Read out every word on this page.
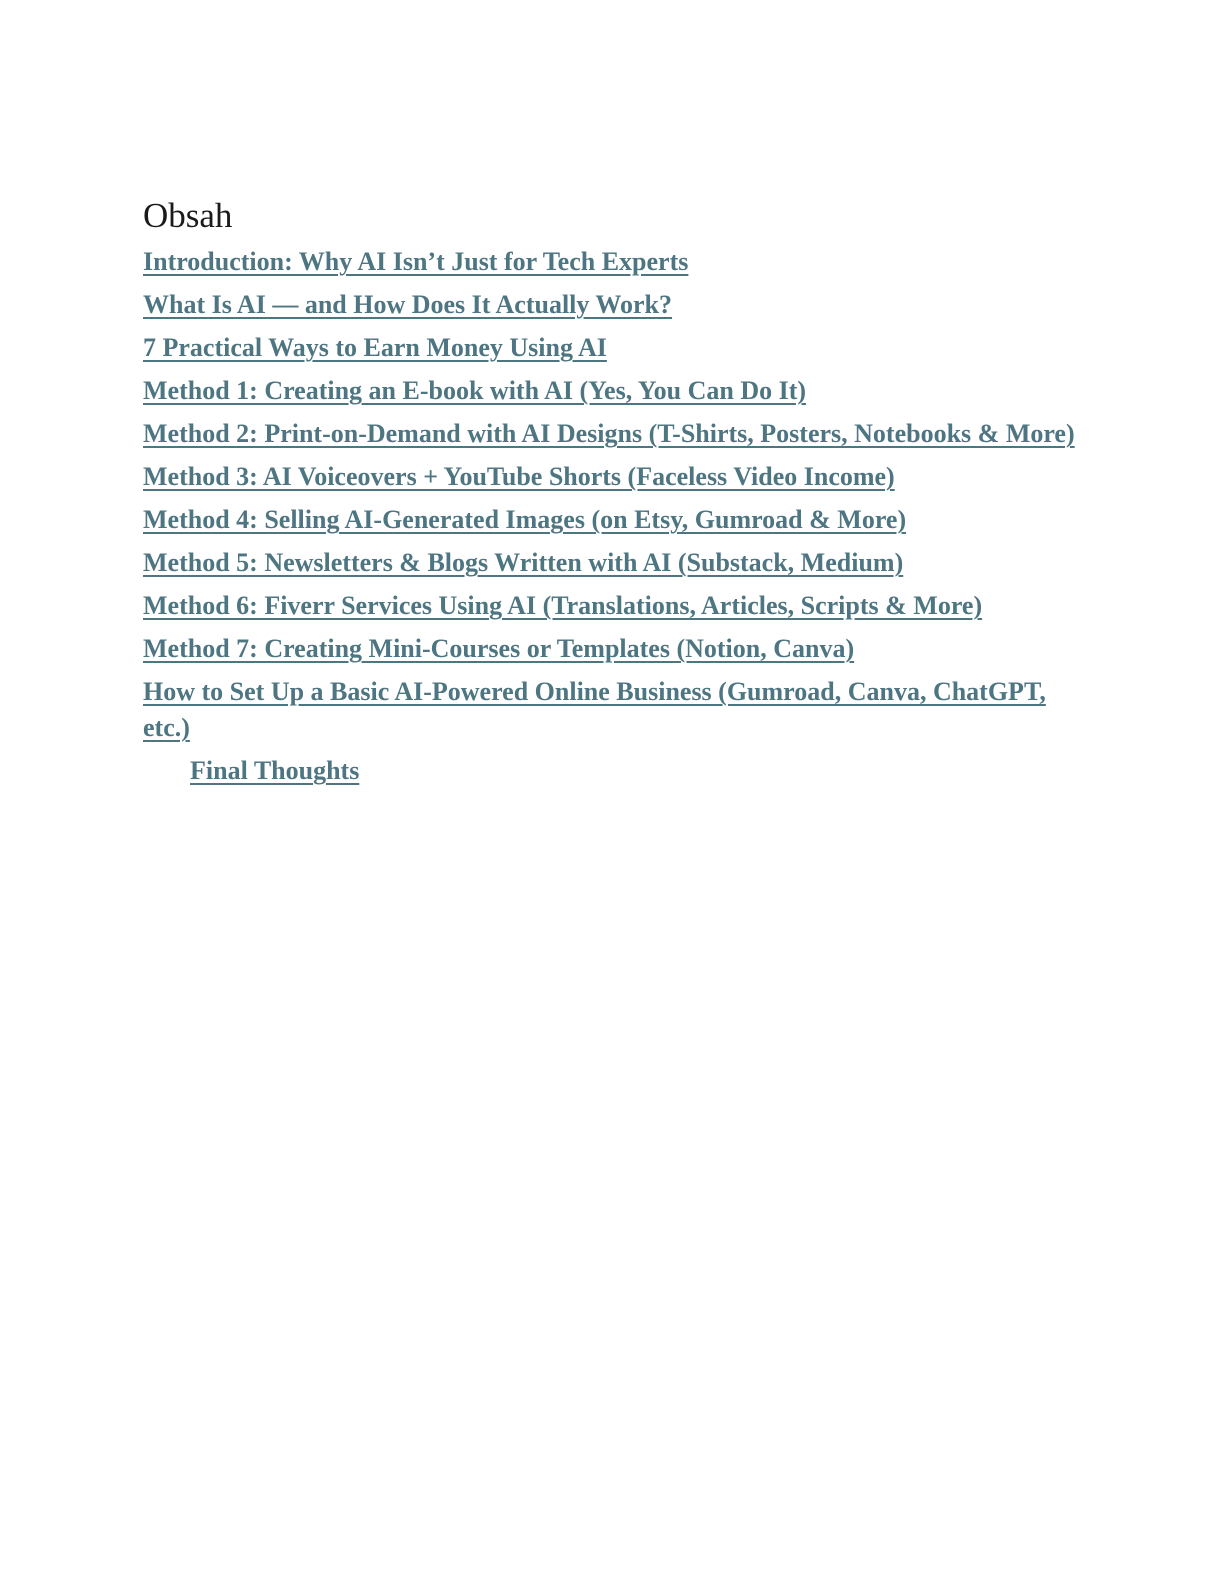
Obsah

Introduction: Why AI Isn’t Just for Tech Experts

What Is AI — and How Does It Actually Work?

7 Practical Ways to Earn Money Using AI

Method 1: Creating an E-book with AI (Yes, You Can Do It)

Method 2: Print-on-Demand with AI Designs (T-Shirts, Posters, Notebooks & More)

Method 3: AI Voiceovers + YouTube Shorts (Faceless Video Income)

Method 4: Selling AI-Generated Images (on Etsy, Gumroad & More)

Method 5: Newsletters & Blogs Written with AI (Substack, Medium)

Method 6: Fiverr Services Using AI (Translations, Articles, Scripts & More)

Method 7: Creating Mini-Courses or Templates (Notion, Canva)

How to Set Up a Basic AI-Powered Online Business (Gumroad, Canva, ChatGPT, etc.)

Final Thoughts
